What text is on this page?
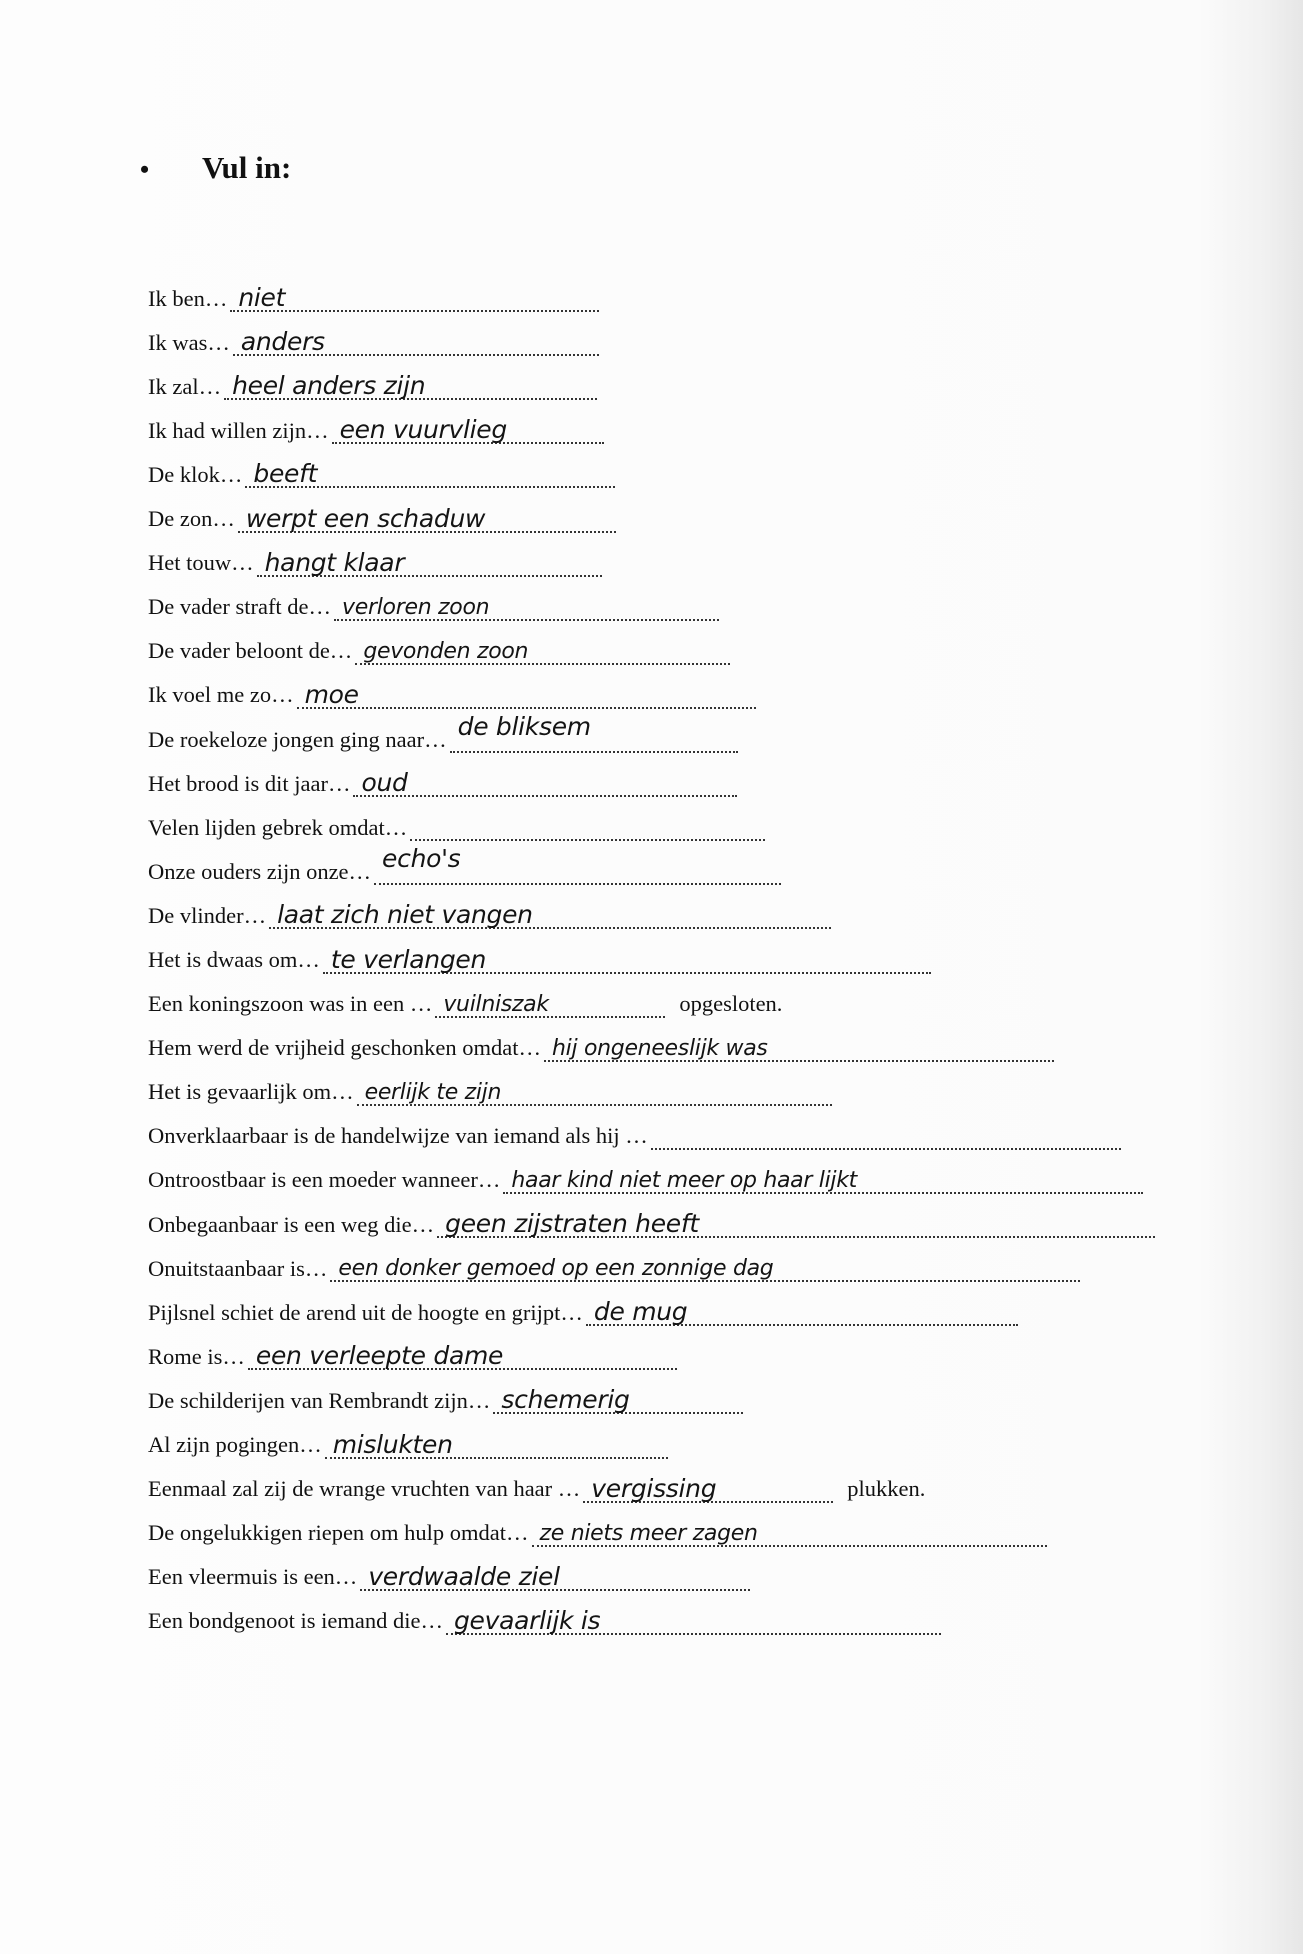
•	Vul in:
Ik ben… niet
Ik was… anders
Ik zal… heel anders zijn
Ik had willen zijn… een vuurvlieg
De klok… beeft
De zon… werpt een schaduw
Het touw… hangt klaar
De vader straft de… verloren zoon
De vader beloont de… gevonden zoon
Ik voel me zo… moe
De roekeloze jongen ging naar… de bliksem
Het brood is dit jaar… oud
Velen lijden gebrek omdat…
Onze ouders zijn onze… echo's
De vlinder… laat zich niet vangen
Het is dwaas om… te verlangen
Een koningszoon was in een … vuilniszak	opgesloten.
Hem werd de vrijheid geschonken omdat… hij ongeneeslijk was
Het is gevaarlijk om… eerlijk te zijn
Onverklaarbaar is de handelwijze van iemand als hij …
Ontroostbaar is een moeder wanneer… haar kind niet meer op haar lijkt
Onbegaanbaar is een weg die… geen zijstraten heeft
Onuitstaanbaar is… een donker gemoed op een zonnige dag
Pijlsnel schiet de arend uit de hoogte en grijpt… de mug
Rome is… een verleepte dame
De schilderijen van Rembrandt zijn… schemerig
Al zijn pogingen… mislukten
Eenmaal zal zij de wrange vruchten van haar … vergissing	plukken.
De ongelukkigen riepen om hulp omdat… ze niets meer zagen
Een vleermuis is een… verdwaalde ziel
Een bondgenoot is iemand die… gevaarlijk is
